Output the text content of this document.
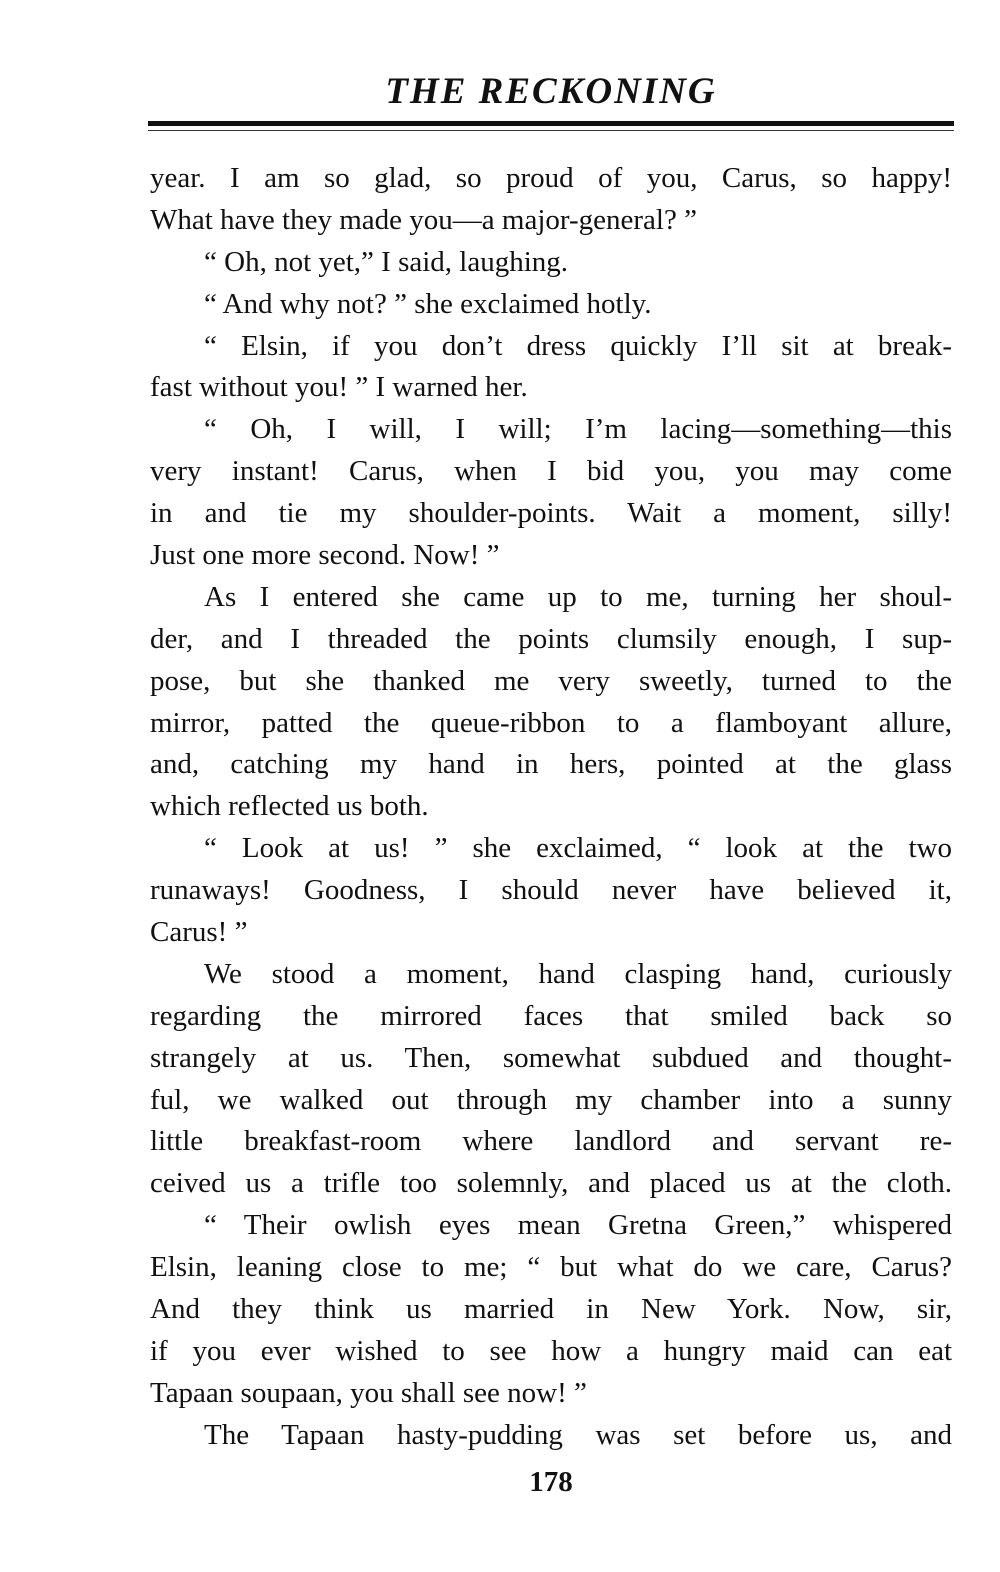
THE RECKONING
year. I am so glad, so proud of you, Carus, so happy!
What have they made you—a major-general? ”
“ Oh, not yet,” I said, laughing.
“ And why not? ” she exclaimed hotly.
“ Elsin, if you don’t dress quickly I’ll sit at break-
fast without you! ” I warned her.
“ Oh, I will, I will; I’m lacing—something—this
very instant! Carus, when I bid you, you may come
in and tie my shoulder-points. Wait a moment, silly!
Just one more second. Now! ”
As I entered she came up to me, turning her shoul-
der, and I threaded the points clumsily enough, I sup-
pose, but she thanked me very sweetly, turned to the
mirror, patted the queue-ribbon to a flamboyant allure,
and, catching my hand in hers, pointed at the glass
which reflected us both.
“ Look at us! ” she exclaimed, “ look at the two
runaways! Goodness, I should never have believed it,
Carus! ”
We stood a moment, hand clasping hand, curiously
regarding the mirrored faces that smiled back so
strangely at us. Then, somewhat subdued and thought-
ful, we walked out through my chamber into a sunny
little breakfast-room where landlord and servant re-
ceived us a trifle too solemnly, and placed us at the cloth.
“ Their owlish eyes mean Gretna Green,” whispered
Elsin, leaning close to me; “ but what do we care, Carus?
And they think us married in New York. Now, sir,
if you ever wished to see how a hungry maid can eat
Tapaan soupaan, you shall see now! ”
The Tapaan hasty-pudding was set before us, and
178
